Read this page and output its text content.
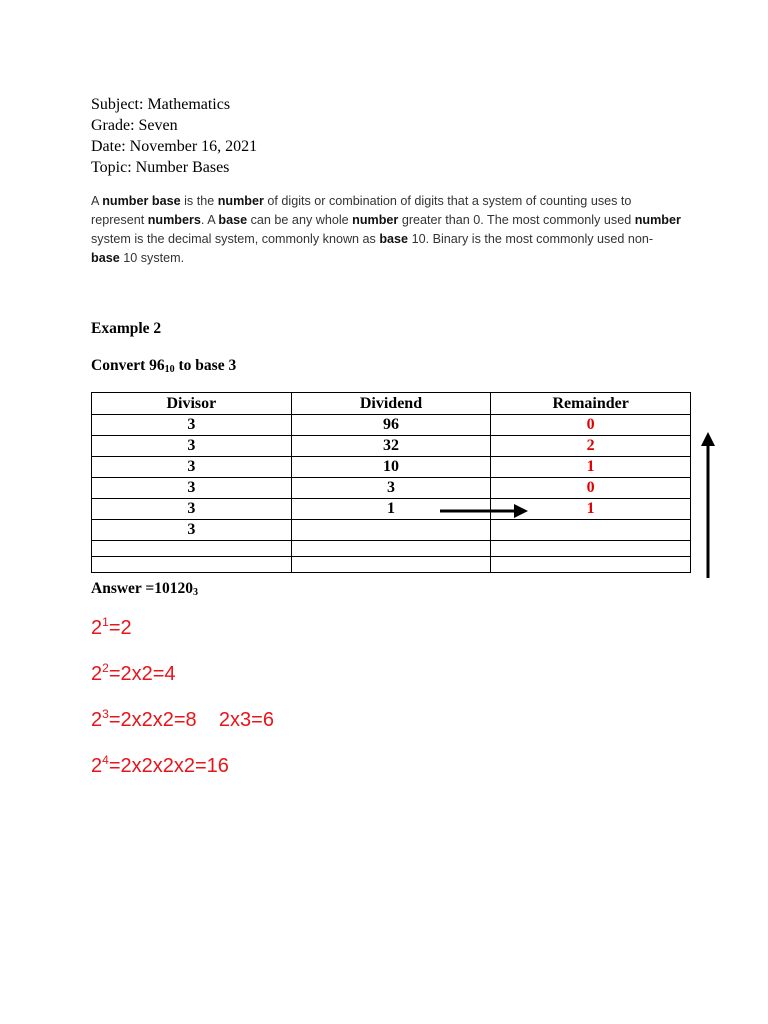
Subject: Mathematics
Grade: Seven
Date: November 16, 2021
Topic: Number Bases
A number base is the number of digits or combination of digits that a system of counting uses to represent numbers. A base can be any whole number greater than 0. The most commonly used number system is the decimal system, commonly known as base 10. Binary is the most commonly used non-base 10 system.
Example 2
Convert $96_{10}$ to base 3
Divisor	Dividend	Remainder
3	96	0
3	32	2
3	10	1
3	3	0
3	1	1
3		

Answer $=10120_3$
$2^1=2$
$2^2=2x2=4$
$2^3=2x2x2=8$    2x3=6
$2^4=2x2x2x2=16$
